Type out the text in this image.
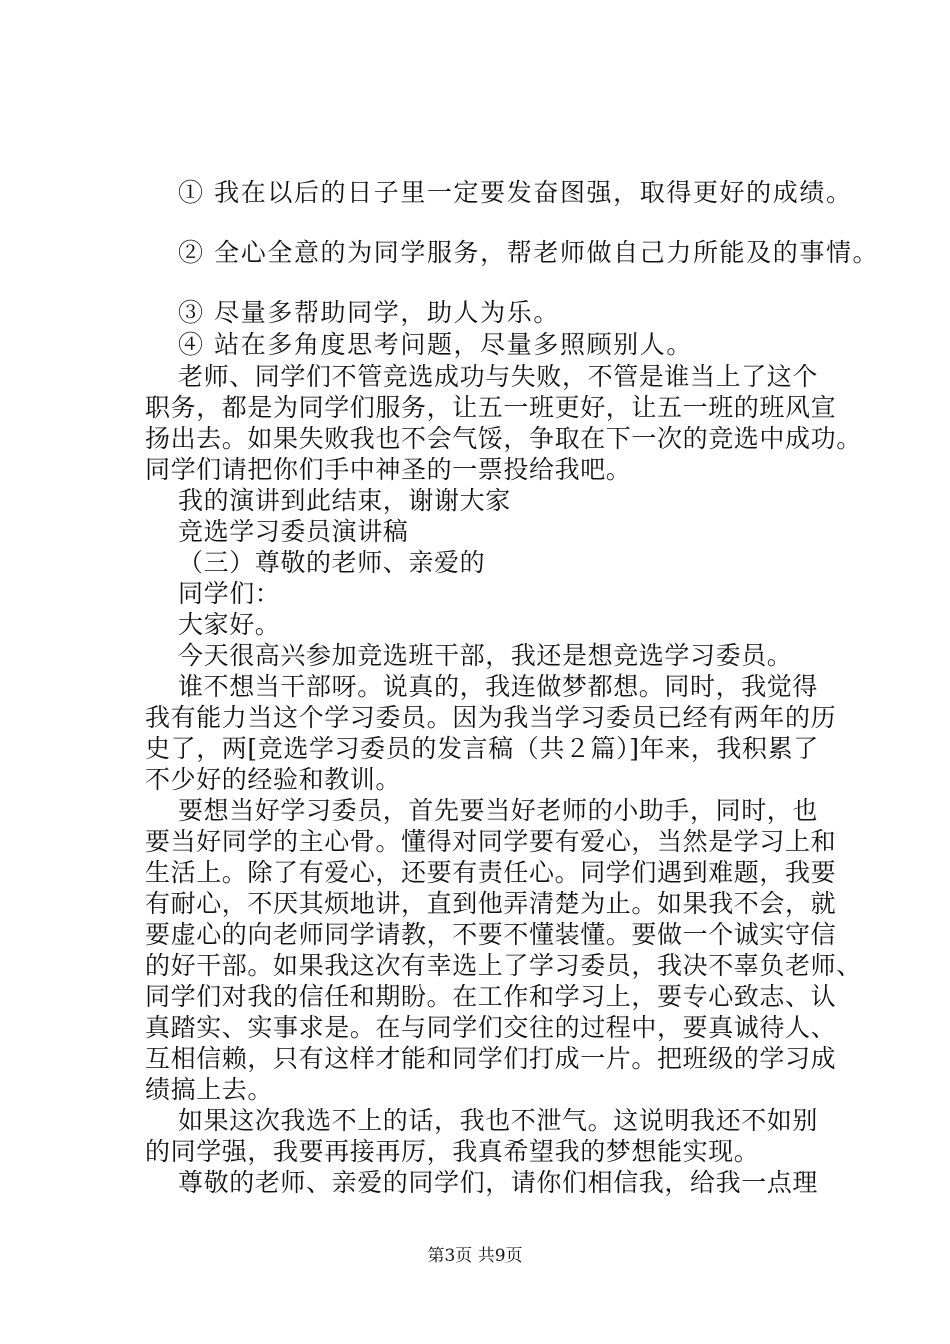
① 我在以后的日子里一定要发奋图强，取得更好的成绩。
② 全心全意的为同学服务，帮老师做自己力所能及的事情。
③ 尽量多帮助同学，助人为乐。
④ 站在多角度思考问题，尽量多照顾别人。
老师、同学们不管竞选成功与失败，不管是谁当上了这个
职务，都是为同学们服务，让五一班更好，让五一班的班风宣
扬出去。如果失败我也不会气馁，争取在下一次的竞选中成功。
同学们请把你们手中神圣的一票投给我吧。
我的演讲到此结束，谢谢大家
竞选学习委员演讲稿
（三）尊敬的老师、亲爱的
同学们：
大家好。
今天很高兴参加竞选班干部，我还是想竞选学习委员。
谁不想当干部呀。说真的，我连做梦都想。同时，我觉得
我有能力当这个学习委员。因为我当学习委员已经有两年的历
史了，两[竞选学习委员的发言稿（共２篇）]年来，我积累了
不少好的经验和教训。
要想当好学习委员，首先要当好老师的小助手，同时，也
要当好同学的主心骨。懂得对同学要有爱心，当然是学习上和
生活上。除了有爱心，还要有责任心。同学们遇到难题，我要
有耐心，不厌其烦地讲，直到他弄清楚为止。如果我不会，就
要虚心的向老师同学请教，不要不懂装懂。要做一个诚实守信
的好干部。如果我这次有幸选上了学习委员，我决不辜负老师、
同学们对我的信任和期盼。在工作和学习上，要专心致志、认
真踏实、实事求是。在与同学们交往的过程中，要真诚待人、
互相信赖，只有这样才能和同学们打成一片。把班级的学习成
绩搞上去。
如果这次我选不上的话，我也不泄气。这说明我还不如别
的同学强，我要再接再厉，我真希望我的梦想能实现。
尊敬的老师、亲爱的同学们，请你们相信我，给我一点理
第3页 共9页
